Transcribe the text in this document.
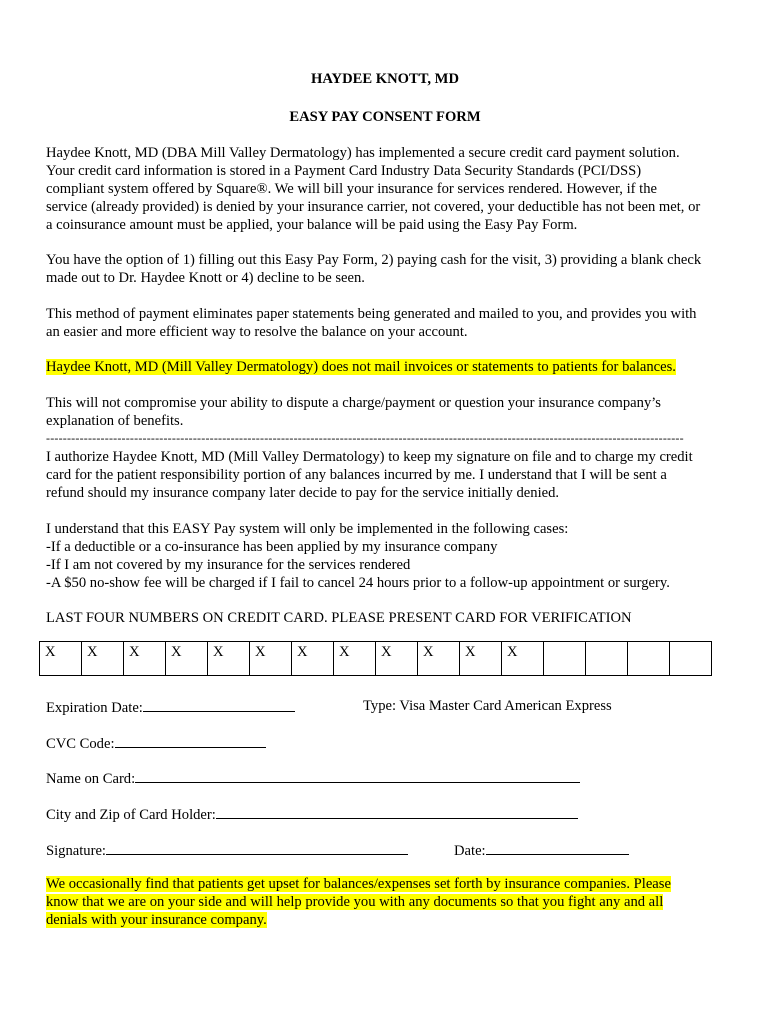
HAYDEE KNOTT, MD
EASY PAY CONSENT FORM
Haydee Knott, MD (DBA Mill Valley Dermatology) has implemented a secure credit card payment solution.
Your credit card information is stored in a Payment Card Industry Data Security Standards (PCI/DSS)
compliant system offered by Square®. We will bill your insurance for services rendered. However, if the
service (already provided) is denied by your insurance carrier, not covered, your deductible has not been met, or
a coinsurance amount must be applied, your balance will be paid using the Easy Pay Form.
You have the option of 1) filling out this Easy Pay Form, 2) paying cash for the visit, 3) providing a blank check
made out to Dr. Haydee Knott or 4) decline to be seen.
This method of payment eliminates paper statements being generated and mailed to you, and provides you with
an easier and more efficient way to resolve the balance on your account.
Haydee Knott, MD (Mill Valley Dermatology) does not mail invoices or statements to patients for balances.
This will not compromise your ability to dispute a charge/payment or question your insurance company’s
explanation of benefits.
--------------------------------------------------------------------------------------------------------------------------------------------------------
I authorize Haydee Knott, MD (Mill Valley Dermatology) to keep my signature on file and to charge my credit
card for the patient responsibility portion of any balances incurred by me. I understand that I will be sent a
refund should my insurance company later decide to pay for the service initially denied.
I understand that this EASY Pay system will only be implemented in the following cases:
-If a deductible or a co-insurance has been applied by my insurance company
-If I am not covered by my insurance for the services rendered
-A $50 no-show fee will be charged if I fail to cancel 24 hours prior to a follow-up appointment or surgery.
LAST FOUR NUMBERS ON CREDIT CARD. PLEASE PRESENT CARD FOR VERIFICATION
X	X	X	X	X	X	X	X	X	X	X	X				
Expiration Date:	Type: Visa Master Card American Express
CVC Code:
Name on Card:
City and Zip of Card Holder:
Signature:	Date:
We occasionally find that patients get upset for balances/expenses set forth by insurance companies. Please
know that we are on your side and will help provide you with any documents so that you fight any and all
denials with your insurance company.
